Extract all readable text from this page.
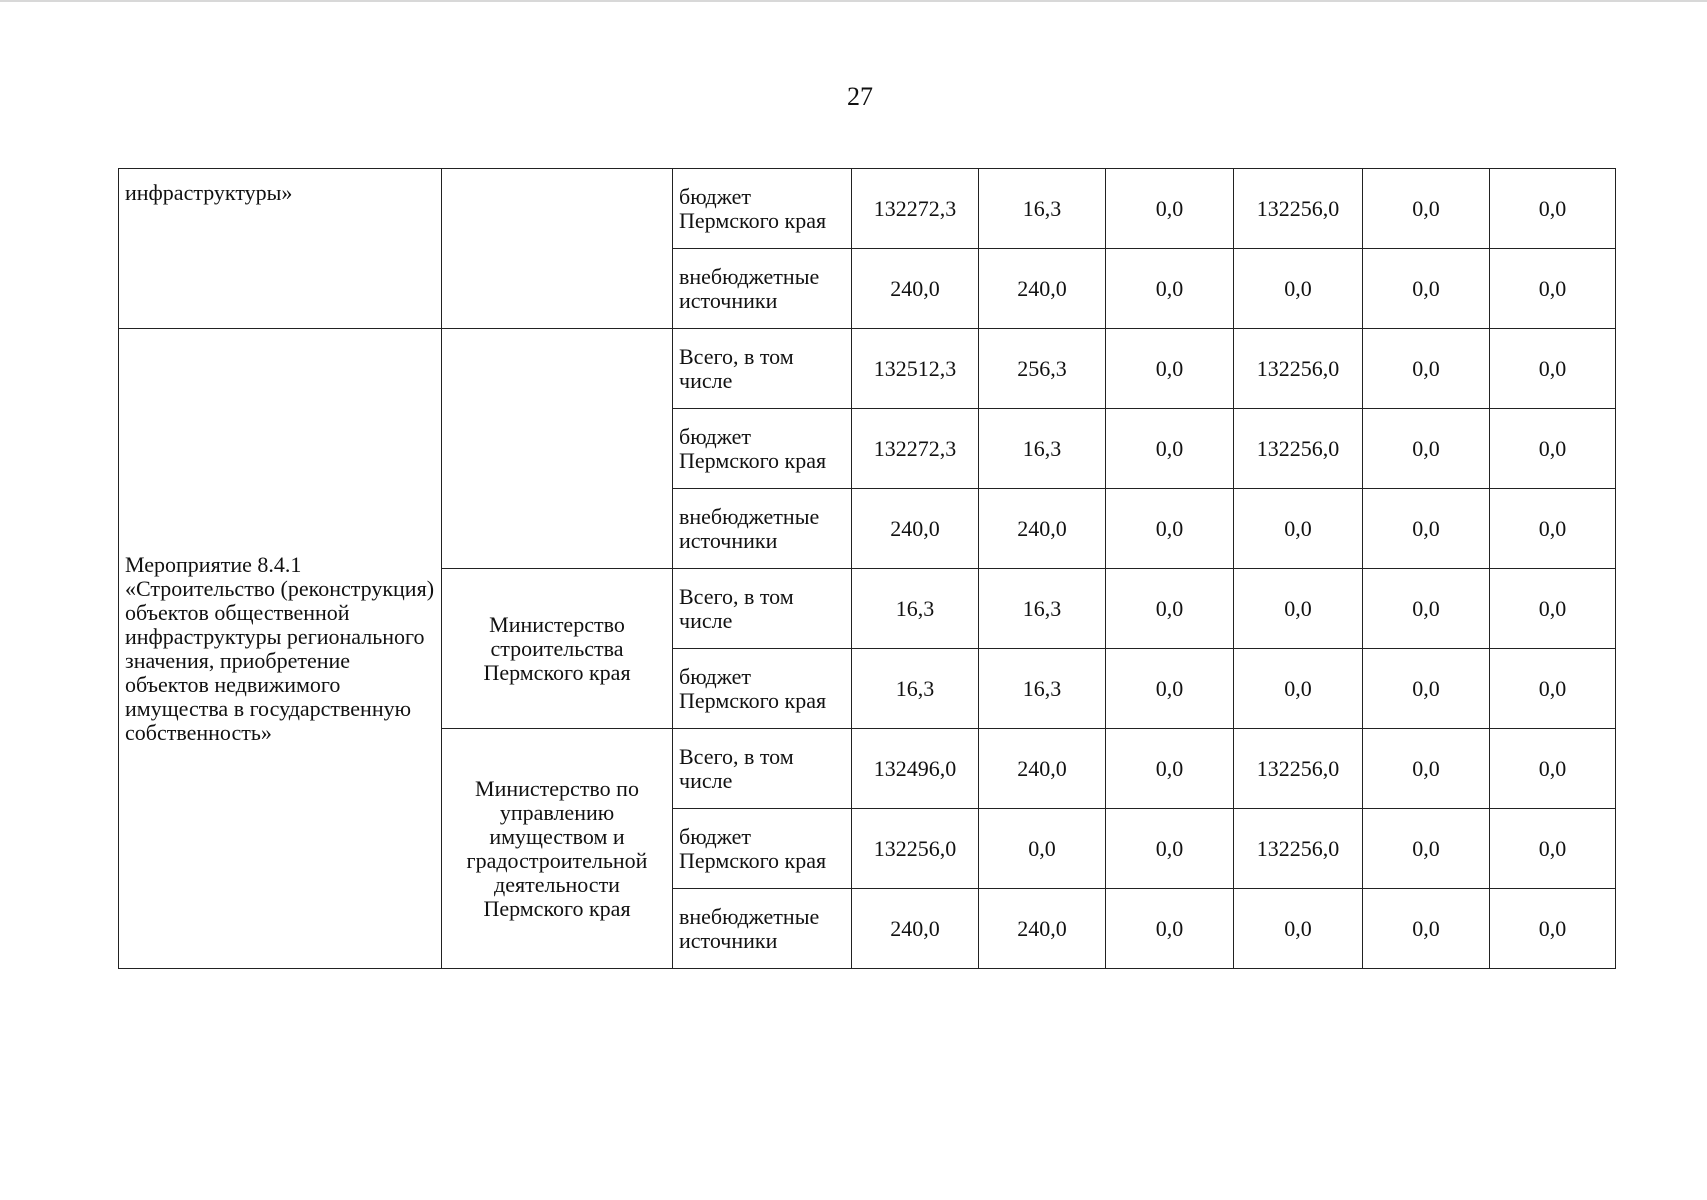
27
инфраструктуры»		бюджет Пермского края	132272,3	16,3	0,0	132256,0	0,0	0,0
		внебюджетные источники	240,0	240,0	0,0	0,0	0,0	0,0
Мероприятие 8.4.1 «Строительство (реконструкция) объектов общественной инфраструктуры регионального значения, приобретение объектов недвижимого имущества в государственную собственность»		Всего, в том числе	132512,3	256,3	0,0	132256,0	0,0	0,0
		бюджет Пермского края	132272,3	16,3	0,0	132256,0	0,0	0,0
		внебюджетные источники	240,0	240,0	0,0	0,0	0,0	0,0
	Министерство строительства Пермского края	Всего, в том числе	16,3	16,3	0,0	0,0	0,0	0,0
		бюджет Пермского края	16,3	16,3	0,0	0,0	0,0	0,0
	Министерство по управлению имуществом и градостроительной деятельности Пермского края	Всего, в том числе	132496,0	240,0	0,0	132256,0	0,0	0,0
		бюджет Пермского края	132256,0	0,0	0,0	132256,0	0,0	0,0
		внебюджетные источники	240,0	240,0	0,0	0,0	0,0	0,0
